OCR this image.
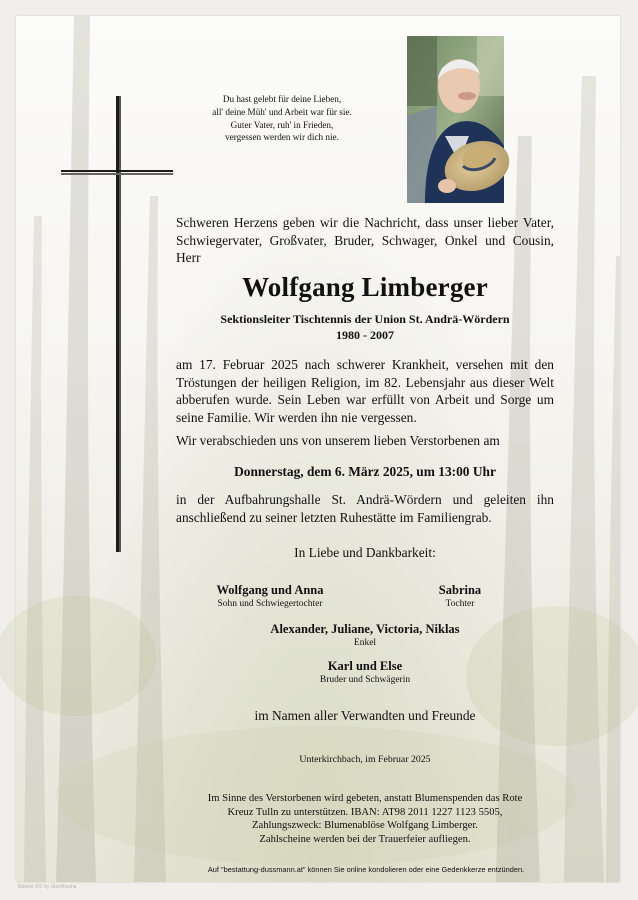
Du hast gelebt für deine Lieben,
all' deine Müh' und Arbeit war für sie.
Guter Vater, ruh' in Frieden,
vergessen werden wir dich nie.
Schweren Herzens geben wir die Nachricht, dass unser lieber Vater, Schwiegervater, Großvater, Bruder, Schwager, Onkel und Cousin, Herr
Wolfgang Limberger
Sektionsleiter Tischtennis der Union St. Andrä-Wördern
1980 - 2007
am 17. Februar 2025 nach schwerer Krankheit, versehen mit den Tröstungen der heiligen Religion, im 82. Lebensjahr aus dieser Welt abberufen wurde. Sein Leben war erfüllt von Arbeit und Sorge um seine Familie. Wir werden ihn nie vergessen.
Wir verabschieden uns von unserem lieben Verstorbenen am
Donnerstag, dem 6. März 2025, um 13:00 Uhr
in der Aufbahrungshalle St. Andrä-Wördern und geleiten ihn anschließend zu seiner letzten Ruhestätte im Familiengrab.
In Liebe und Dankbarkeit:
Wolfgang und Anna
Sohn und Schwiegertochter
Sabrina
Tochter
Alexander, Juliane, Victoria, Niklas
Enkel
Karl und Else
Bruder und Schwägerin
im Namen aller Verwandten und Freunde
Unterkirchbach, im Februar 2025
Im Sinne des Verstorbenen wird gebeten, anstatt Blumenspenden das Rote
Kreuz Tulln zu unterstützen. IBAN: AT98 2011 1227 1123 5505,
Zahlungszweck: Blumenablöse Wolfgang Limberger.
Zahlscheine werden bei der Trauerfeier aufliegen.
Auf "bestattung-dussmann.at" können Sie online kondolieren oder eine Gedenkkerze entzünden.
Bäume ©© by Ulschkusha
